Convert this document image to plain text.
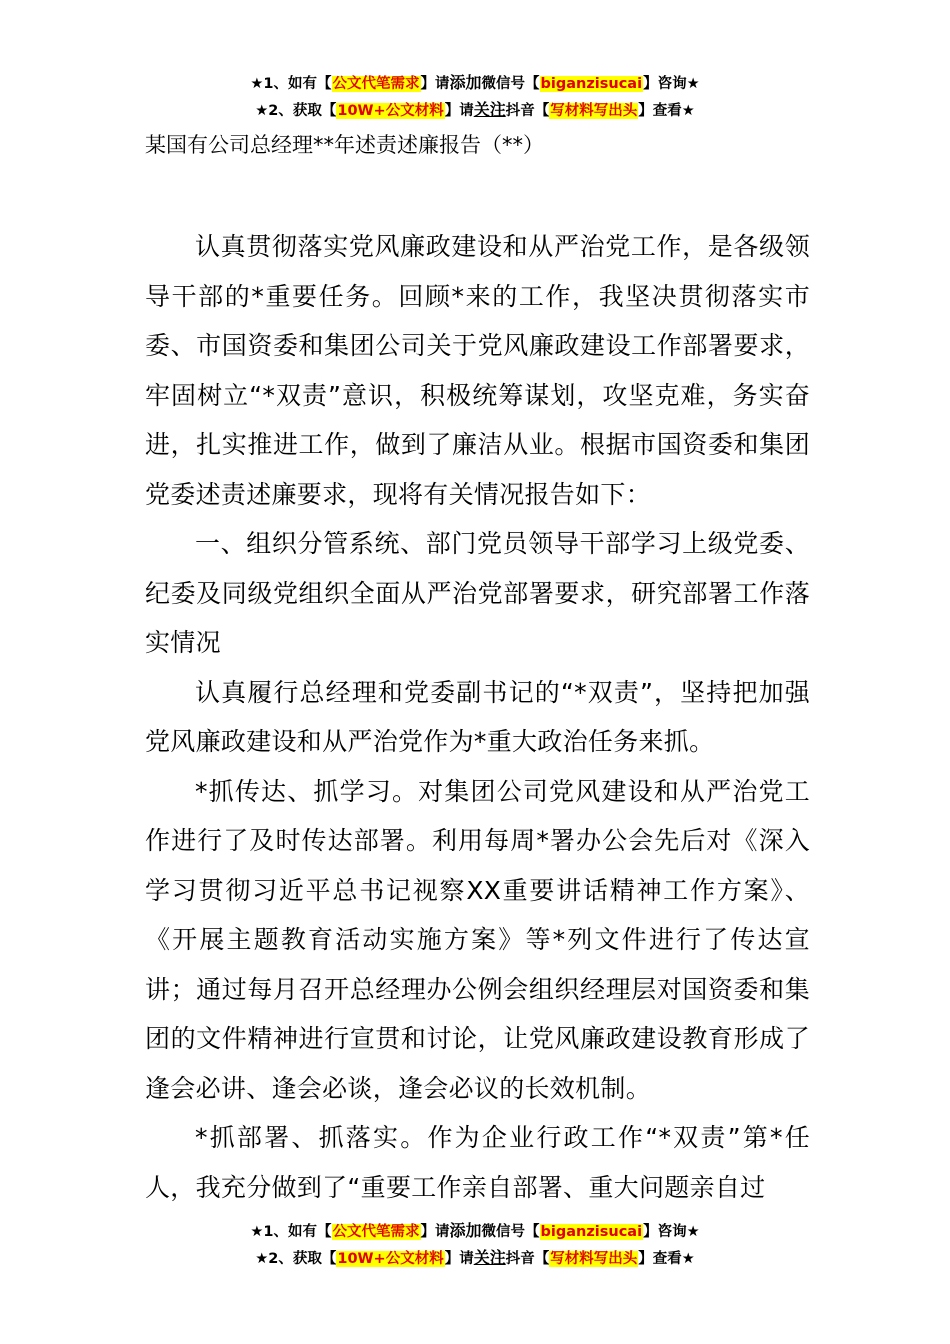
★1、如有【公文代笔需求】请添加微信号【biganzisucai】咨询★
★2、获取【10W+公文材料】请关注抖音【写材料写出头】查看★
某国有公司总经理**年述责述廉报告（**）

认真贯彻落实党风廉政建设和从严治党工作，是各级领导干部的*重要任务。回顾*来的工作，我坚决贯彻落实市委、市国资委和集团公司关于党风廉政建设工作部署要求，牢固树立“*双责”意识，积极统筹谋划，攻坚克难，务实奋进，扎实推进工作，做到了廉洁从业。根据市国资委和集团党委述责述廉要求，现将有关情况报告如下：

一、组织分管系统、部门党员领导干部学习上级党委、纪委及同级党组织全面从严治党部署要求，研究部署工作落实情况

认真履行总经理和党委副书记的“*双责”，坚持把加强党风廉政建设和从严治党作为*重大政治任务来抓。

*抓传达、抓学习。对集团公司党风建设和从严治党工作进行了及时传达部署。利用每周*署办公会先后对《深入学习贯彻习近平总书记视察XX重要讲话精神工作方案》、《开展主题教育活动实施方案》等*列文件进行了传达宣讲；通过每月召开总经理办公例会组织经理层对国资委和集团的文件精神进行宣贯和讨论，让党风廉政建设教育形成了逢会必讲、逢会必谈，逢会必议的长效机制。

*抓部署、抓落实。作为企业行政工作“*双责”第*任人，我充分做到了“重要工作亲自部署、重大问题亲自过

★1、如有【公文代笔需求】请添加微信号【biganzisucai】咨询★
★2、获取【10W+公文材料】请关注抖音【写材料写出头】查看★
